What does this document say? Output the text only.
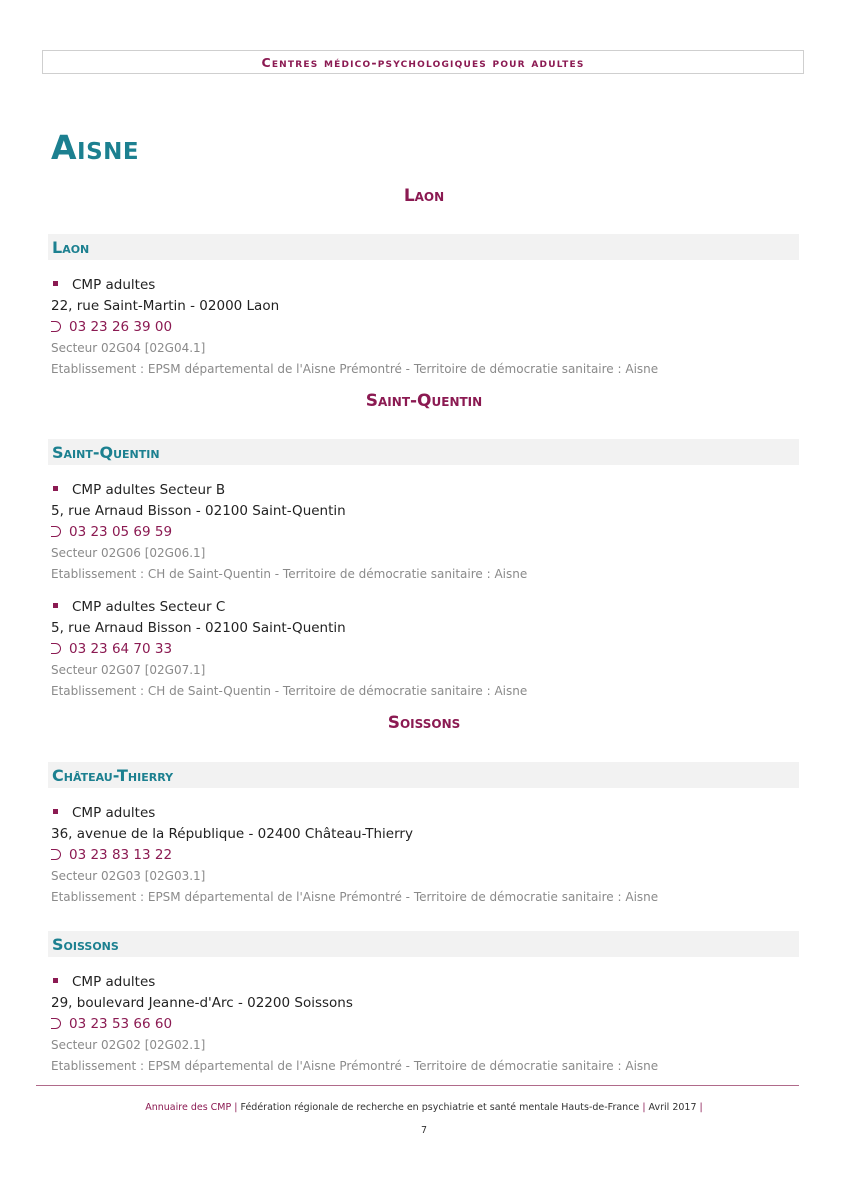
Centres médico-psychologiques pour adultes
Aisne
Laon
Laon
CMP adultes
22, rue Saint-Martin - 02000 Laon
03 23 26 39 00
Secteur 02G04 [02G04.1]
Etablissement : EPSM départemental de l'Aisne Prémontré - Territoire de démocratie sanitaire : Aisne
Saint-Quentin
Saint-Quentin
CMP adultes Secteur B
5, rue Arnaud Bisson - 02100 Saint-Quentin
03 23 05 69 59
Secteur 02G06 [02G06.1]
Etablissement : CH de Saint-Quentin - Territoire de démocratie sanitaire : Aisne
CMP adultes Secteur C
5, rue Arnaud Bisson - 02100 Saint-Quentin
03 23 64 70 33
Secteur 02G07 [02G07.1]
Etablissement : CH de Saint-Quentin - Territoire de démocratie sanitaire : Aisne
Soissons
Château-Thierry
CMP adultes
36, avenue de la République - 02400 Château-Thierry
03 23 83 13 22
Secteur 02G03 [02G03.1]
Etablissement : EPSM départemental de l'Aisne Prémontré - Territoire de démocratie sanitaire : Aisne
Soissons
CMP adultes
29, boulevard Jeanne-d'Arc - 02200 Soissons
03 23 53 66 60
Secteur 02G02 [02G02.1]
Etablissement : EPSM départemental de l'Aisne Prémontré - Territoire de démocratie sanitaire : Aisne
Annuaire des CMP | Fédération régionale de recherche en psychiatrie et santé mentale Hauts-de-France | Avril 2017 |
7
